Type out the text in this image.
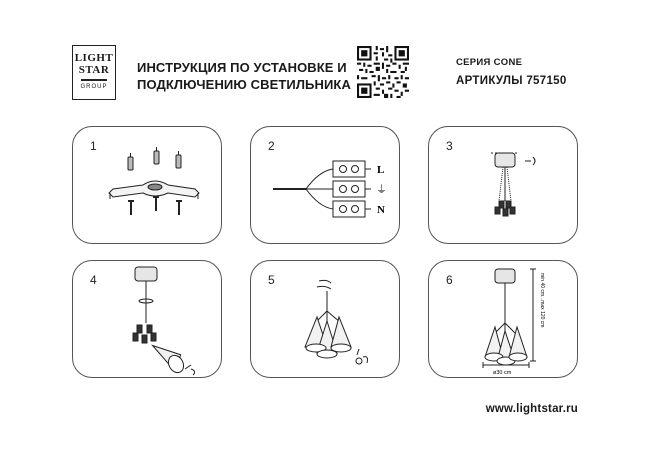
LIGHT
STAR
GROUP
ИНСТРУКЦИЯ ПО УСТАНОВКЕ И
ПОДКЛЮЧЕНИЮ СВЕТИЛЬНИКА
СЕРИЯ CONE
АРТИКУЛЫ 757150
1	2
L
⏚
N
3
4	5	6	min 40 cm...max 120 cm
ø30 cm
www.lightstar.ru
